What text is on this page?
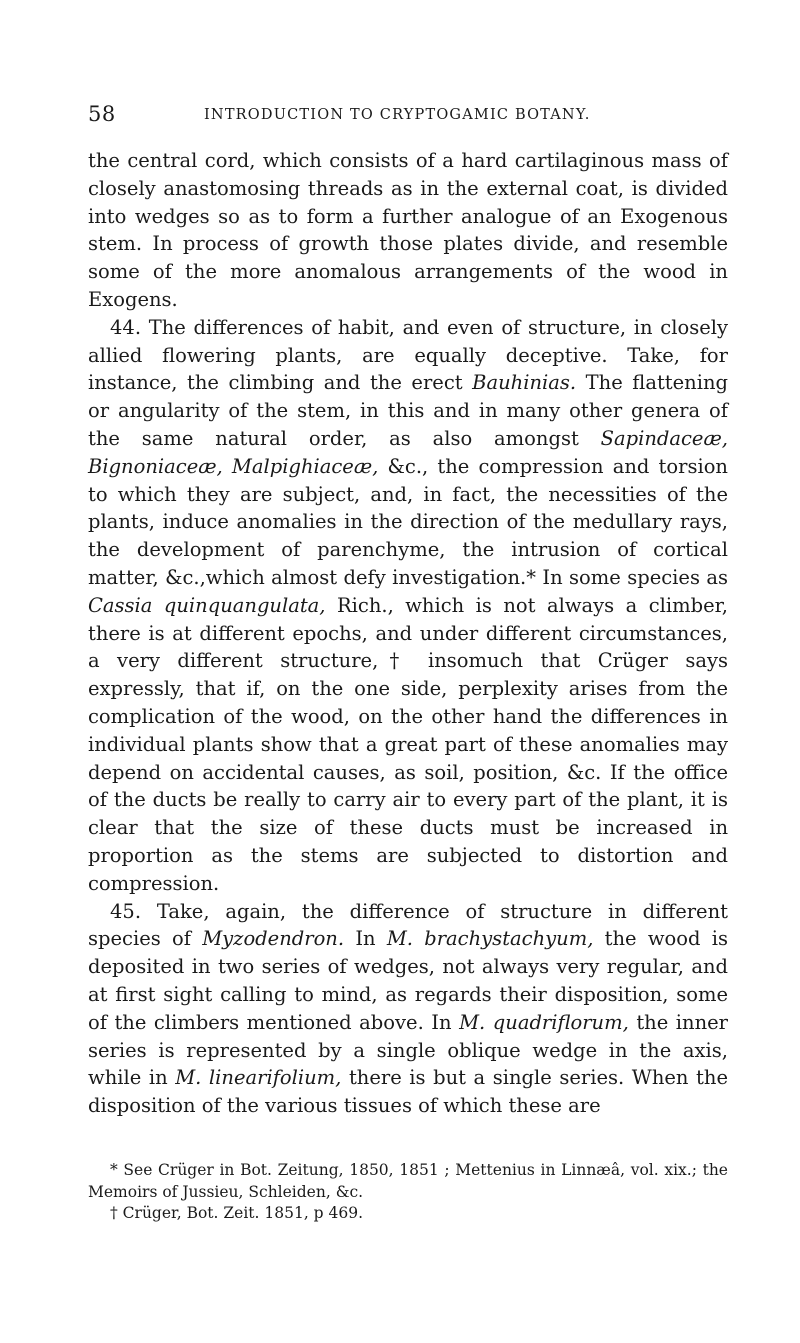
58	INTRODUCTION TO CRYPTOGAMIC BOTANY.

the central cord, which consists of a hard cartilaginous mass of closely anastomosing threads as in the external coat, is divided into wedges so as to form a further analogue of an Exogenous stem. In process of growth those plates divide, and resemble some of the more anomalous arrangements of the wood in Exogens.

44. The differences of habit, and even of structure, in closely allied flowering plants, are equally deceptive. Take, for instance, the climbing and the erect Bauhinias. The flattening or angularity of the stem, in this and in many other genera of the same natural order, as also amongst Sapindaceæ, Bignoniaceæ, Malpighiaceæ, &c., the compression and torsion to which they are subject, and, in fact, the necessities of the plants, induce anomalies in the direction of the medullary rays, the development of parenchyme, the intrusion of cortical matter, &c.,which almost defy investigation.* In some species as Cassia quinquangulata, Rich., which is not always a climber, there is at different epochs, and under different circumstances, a very different structure,† insomuch that Crüger says expressly, that if, on the one side, perplexity arises from the complication of the wood, on the other hand the differences in individual plants show that a great part of these anomalies may depend on accidental causes, as soil, position, &c. If the office of the ducts be really to carry air to every part of the plant, it is clear that the size of these ducts must be increased in proportion as the stems are subjected to distortion and compression.

45. Take, again, the difference of structure in different species of Myzodendron. In M. brachystachyum, the wood is deposited in two series of wedges, not always very regular, and at first sight calling to mind, as regards their disposition, some of the climbers mentioned above. In M. quadriflorum, the inner series is represented by a single oblique wedge in the axis, while in M. linearifolium, there is but a single series. When the disposition of the various tissues of which these are

* See Crüger in Bot. Zeitung, 1850, 1851 ; Mettenius in Linnæâ, vol. xix.; the Memoirs of Jussieu, Schleiden, &c.

† Crüger, Bot. Zeit. 1851, p 469.
